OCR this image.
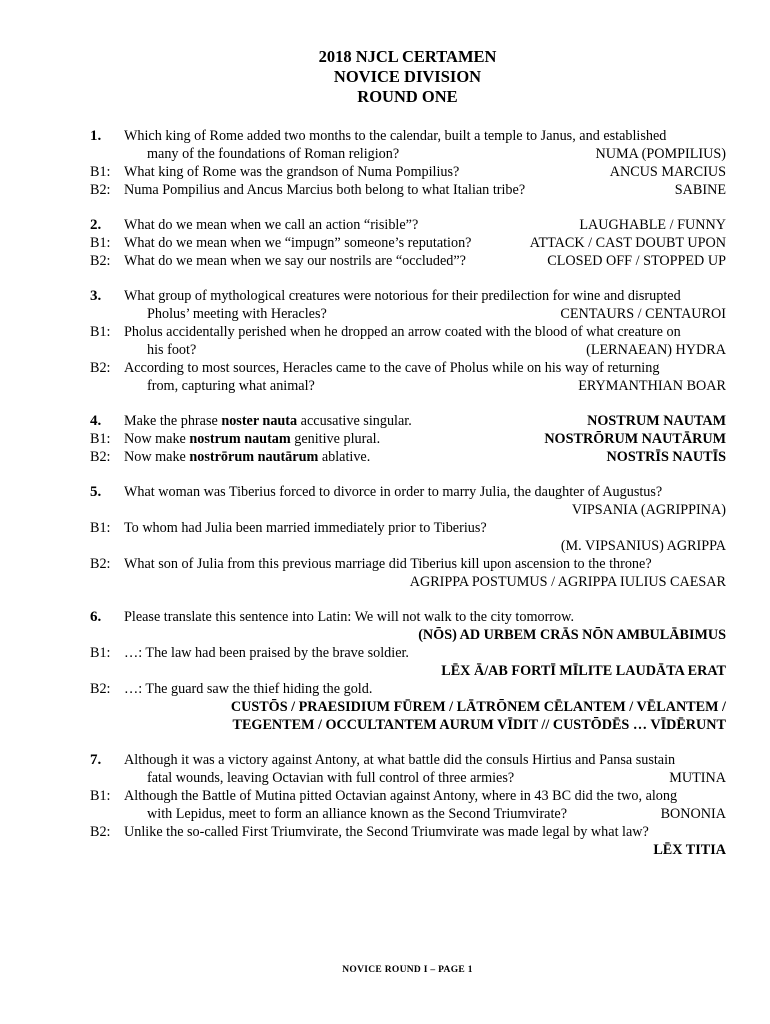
2018 NJCL CERTAMEN
NOVICE DIVISION
ROUND ONE
1.	Which king of Rome added two months to the calendar, built a temple to Janus, and established
many of the foundations of Roman religion?	NUMA (POMPILIUS)
B1: What king of Rome was the grandson of Numa Pompilius?	ANCUS MARCIUS
B2: Numa Pompilius and Ancus Marcius both belong to what Italian tribe?	SABINE
2.	What do we mean when we call an action “risible”?	LAUGHABLE / FUNNY
B1: What do we mean when we “impugn” someone’s reputation?	ATTACK / CAST DOUBT UPON
B2: What do we mean when we say our nostrils are “occluded”?	CLOSED OFF / STOPPED UP
3.	What group of mythological creatures were notorious for their predilection for wine and disrupted
Pholus’ meeting with Heracles?	CENTAURS / CENTAUROI
B1: Pholus accidentally perished when he dropped an arrow coated with the blood of what creature on
his foot?	(LERNAEAN) HYDRA
B2: According to most sources, Heracles came to the cave of Pholus while on his way of returning
from, capturing what animal?	ERYMANTHIAN BOAR
4.	Make the phrase noster nauta accusative singular.	NOSTRUM NAUTAM
B1: Now make nostrum nautam genitive plural.	NOSTRŌRUM NAUTĀRUM
B2: Now make nostrōrum nautārum ablative.	NOSTRĪS NAUTĪS
5.	What woman was Tiberius forced to divorce in order to marry Julia, the daughter of Augustus?
VIPSANIA (AGRIPPINA)
B1: To whom had Julia been married immediately prior to Tiberius?
(M. VIPSANIUS) AGRIPPA
B2: What son of Julia from this previous marriage did Tiberius kill upon ascension to the throne?
AGRIPPA POSTUMUS / AGRIPPA IULIUS CAESAR
6.	Please translate this sentence into Latin: We will not walk to the city tomorrow.
(NŌS) AD URBEM CRĀS NŌN AMBULĀBIMUS
B1: …: The law had been praised by the brave soldier.
LĒX Ā/AB FORTĪ MĪLITE LAUDĀTA ERAT
B2: …: The guard saw the thief hiding the gold.
CUSTŌS / PRAESIDIUM FŪREM / LĀTRŌNEM CĒLANTEM / VĒLANTEM /
TEGENTEM / OCCULTANTEM AURUM VĪDIT // CUSTŌDĒS … VĪDĒRUNT
7.	Although it was a victory against Antony, at what battle did the consuls Hirtius and Pansa sustain
fatal wounds, leaving Octavian with full control of three armies?	MUTINA
B1: Although the Battle of Mutina pitted Octavian against Antony, where in 43 BC did the two, along
with Lepidus, meet to form an alliance known as the Second Triumvirate?	BONONIA
B2: Unlike the so-called First Triumvirate, the Second Triumvirate was made legal by what law?
LĒX TITIA
NOVICE ROUND I – PAGE 1
